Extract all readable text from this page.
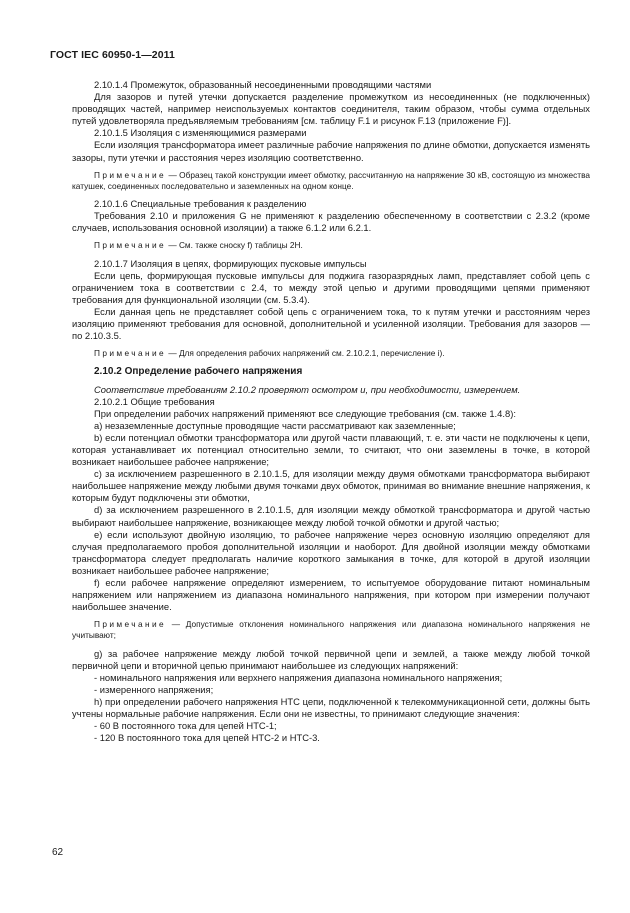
ГОСТ IEC 60950-1—2011

2.10.1.4 Промежуток, образованный несоединенными проводящими частями

Для зазоров и путей утечки допускается разделение промежутком из несоединенных (не подключенных) проводящих частей, например неиспользуемых контактов соединителя, таким образом, чтобы сумма отдельных путей удовлетворяла предъявляемым требованиям [см. таблицу F.1 и рисунок F.13 (приложение F)].

2.10.1.5 Изоляция с изменяющимися размерами

Если изоляция трансформатора имеет различные рабочие напряжения по длине обмотки, допускается изменять зазоры, пути утечки и расстояния через изоляцию соответственно.

Примечание — Образец такой конструкции имеет обмотку, рассчитанную на напряжение 30 кВ, состоящую из множества катушек, соединенных последовательно и заземленных на одном конце.

2.10.1.6 Специальные требования к разделению

Требования 2.10 и приложения G не применяют к разделению обеспеченному в соответствии с 2.3.2 (кроме случаев, использования основной изоляции) а также 6.1.2 или 6.2.1.

Примечание — См. также сноску f) таблицы 2Н.

2.10.1.7 Изоляция в цепях, формирующих пусковые импульсы

Если цепь, формирующая пусковые импульсы для поджига газоразрядных ламп, представляет собой цепь с ограничением тока в соответствии с 2.4, то между этой цепью и другими проводящими цепями применяют требования для функциональной изоляции (см. 5.3.4).

Если данная цепь не представляет собой цепь с ограничением тока, то к путям утечки и расстояниям через изоляцию применяют требования для основной, дополнительной и усиленной изоляции. Требования для зазоров — по 2.10.3.5.

Примечание — Для определения рабочих напряжений см. 2.10.2.1, перечисление i).

2.10.2 Определение рабочего напряжения

Соответствие требованиям 2.10.2 проверяют осмотром и, при необходимости, измерением.

2.10.2.1 Общие требования

При определении рабочих напряжений применяют все следующие требования (см. также 1.4.8):

а) незаземленные доступные проводящие части рассматривают как заземленные;

b) если потенциал обмотки трансформатора или другой части плавающий, т. е. эти части не подключены к цепи, которая устанавливает их потенциал относительно земли, то считают, что они заземлены в точке, в которой возникает наибольшее рабочее напряжение;

с) за исключением разрешенного в 2.10.1.5, для изоляции между двумя обмотками трансформатора выбирают наибольшее напряжение между любыми двумя точками двух обмоток, принимая во внимание внешние напряжения, к которым будут подключены эти обмотки,

d) за исключением разрешенного в 2.10.1.5, для изоляции между обмоткой трансформатора и другой частью выбирают наибольшее напряжение, возникающее между любой точкой обмотки и другой частью;

е) если используют двойную изоляцию, то рабочее напряжение через основную изоляцию определяют для случая предполагаемого пробоя дополнительной изоляции и наоборот. Для двойной изоляции между обмотками трансформатора следует предполагать наличие короткого замыкания в точке, для которой в другой изоляции возникает наибольшее рабочее напряжение;

f) если рабочее напряжение определяют измерением, то испытуемое оборудование питают номинальным напряжением или напряжением из диапазона номинального напряжения, при котором при измерении получают наибольшее значение.

Примечание — Допустимые отклонения номинального напряжения или диапазона номинального напряжения не учитывают;

g) за рабочее напряжение между любой точкой первичной цепи и землей, а также между любой точкой первичной цепи и вторичной цепью принимают наибольшее из следующих напряжений:

- номинального напряжения или верхнего напряжения диапазона номинального напряжения;

- измеренного напряжения;

h) при определении рабочего напряжения НТС цепи, подключенной к телекоммуникационной сети, должны быть учтены нормальные рабочие напряжения. Если они не известны, то принимают следующие значения:

- 60 В постоянного тока для цепей НТС-1;

- 120 В постоянного тока для цепей НТС-2 и НТС-3.

62
